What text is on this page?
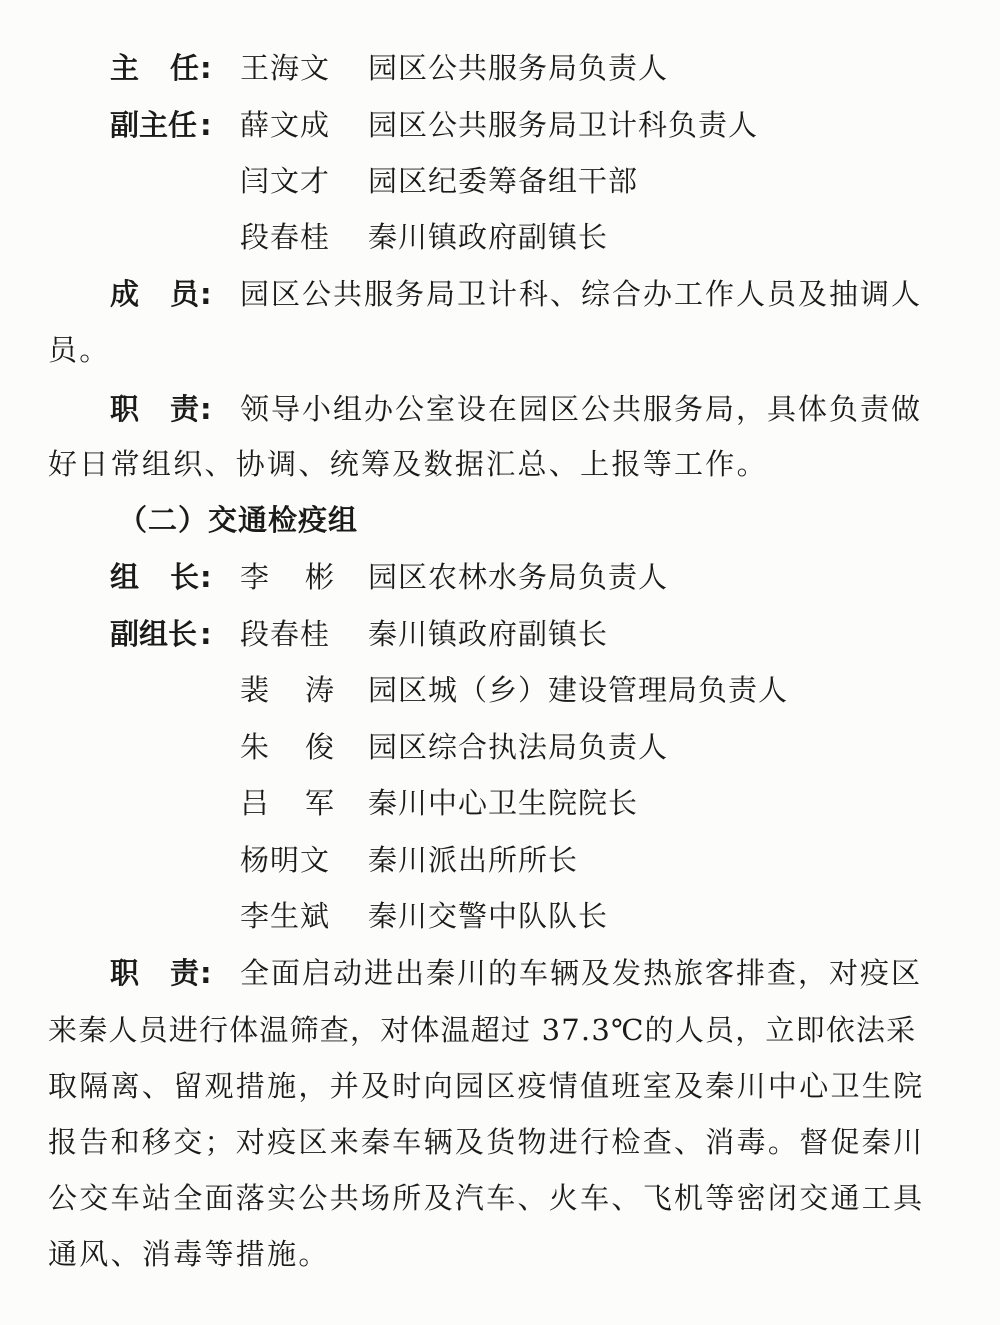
主 任 : 王海文 园区公共服务局负责人
副主任 : 薛文成 园区公共服务局卫计科负责人
闫文才 园区纪委筹备组干部
段春桂 秦川镇政府副镇长
成 员 : 园区公共服务局卫计科、综合办工作人员及抽调人
员。
职 责 : 领导小组办公室设在园区公共服务局，具体负责做
好日常组织、协调、统筹及数据汇总、上报等工作。
（二）交通检疫组
组 长 : 李 彬 园区农林水务局负责人
副组长 : 段春桂 秦川镇政府副镇长
裴 涛 园区城（乡）建设管理局负责人
朱 俊 园区综合执法局负责人
吕 军 秦川中心卫生院院长
杨明文 秦川派出所所长
李生斌 秦川交警中队队长
职 责 : 全面启动进出秦川的车辆及发热旅客排查，对疫区
来秦人员进行体温筛查，对体温超过 37.3℃的人员，立即依法采
取隔离、留观措施，并及时向园区疫情值班室及秦川中心卫生院
报告和移交；对疫区来秦车辆及货物进行检查、消毒。督促秦川
公交车站全面落实公共场所及汽车、火车、飞机等密闭交通工具
通风、消毒等措施。
